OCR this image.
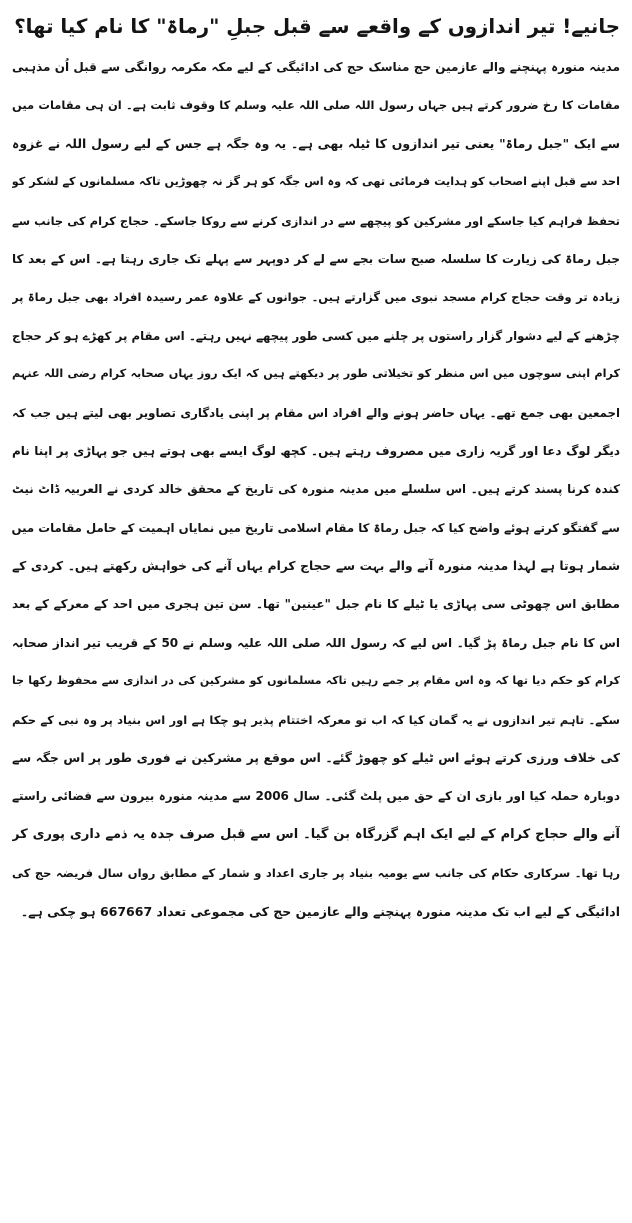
جانیے! تیر اندازوں کے واقعے سے قبل جبلِ "رماۃ" کا نام کیا تھا؟

مدینہ منورہ پہنچنے والے عازمین حج مناسک حج کی ادائیگی کے لیے مکہ مکرمہ روانگی سے قبل اُن مذہبی

مقامات کا رخ ضرور کرتے ہیں جہاں رسول اللہ صلی اللہ علیہ وسلم کا وقوف ثابت ہے۔ ان ہی مقامات میں

سے ایک "جبل رماۃ" یعنی تیر اندازوں کا ٹیلہ بھی ہے۔ یہ وہ جگہ ہے جس کے لیے رسول اللہ نے غزوہ

احد سے قبل اپنے اصحاب کو ہدایت فرمائی تھی کہ وہ اس جگہ کو ہر گز نہ چھوڑیں تاکہ مسلمانوں کے لشکر کو

تحفظ فراہم کیا جاسکے اور مشرکین کو پیچھے سے در اندازی کرنے سے روکا جاسکے۔ حجاج کرام کی جانب سے

جبل رماۃ کی زیارت کا سلسلہ صبح سات بجے سے لے کر دوپہر سے پہلے تک جاری رہتا ہے۔ اس کے بعد کا

زیادہ تر وقت حجاج کرام مسجد نبوی میں گزارتے ہیں۔ جوانوں کے علاوہ عمر رسیدہ افراد بھی جبل رماۃ پر

چڑھنے کے لیے دشوار گزار راستوں پر چلنے میں کسی طور پیچھے نہیں رہتے۔ اس مقام پر کھڑے ہو کر حجاج

کرام اپنی سوچوں میں اس منظر کو تخیلاتی طور پر دیکھتے ہیں کہ ایک روز یہاں صحابہ کرام رضی اللہ عنہم

اجمعین بھی جمع تھے۔ یہاں حاضر ہونے والے افراد اس مقام پر اپنی یادگاری تصاویر بھی لیتے ہیں جب کہ

دیگر لوگ دعا اور گریہ زاری میں مصروف رہتے ہیں۔ کچھ لوگ ایسے بھی ہوتے ہیں جو پہاڑی پر اپنا نام

کندہ کرنا پسند کرتے ہیں۔ اس سلسلے میں مدینہ منورہ کی تاریخ کے محقق خالد کردی نے العربیہ ڈاٹ نیٹ

سے گفتگو کرتے ہوئے واضح کیا کہ جبل رماۃ کا مقام اسلامی تاریخ میں نمایاں اہمیت کے حامل مقامات میں

شمار ہوتا ہے لہذا مدینہ منورہ آنے والے بہت سے حجاج کرام یہاں آنے کی خواہش رکھتے ہیں۔ کردی کے

مطابق اس چھوٹی سی پہاڑی یا ٹیلے کا نام جبل "عینین" تھا۔ سن تین ہجری میں احد کے معرکے کے بعد

اس کا نام جبل رماۃ پڑ گیا۔ اس لیے کہ رسول اللہ صلی اللہ علیہ وسلم نے 50 کے قریب تیر انداز صحابہ

کرام کو حکم دیا تھا کہ وہ اس مقام پر جمے رہیں تاکہ مسلمانوں کو مشرکین کی در اندازی سے محفوظ رکھا جا

سکے۔ تاہم تیر اندازوں نے یہ گمان کیا کہ اب تو معرکہ اختتام پذیر ہو چکا ہے اور اس بنیاد پر وہ نبی کے حکم

کی خلاف ورزی کرتے ہوئے اس ٹیلے کو چھوڑ گئے۔ اس موقع پر مشرکین نے فوری طور پر اس جگہ سے

دوبارہ حملہ کیا اور بازی ان کے حق میں پلٹ گئی۔ سال 2006 سے مدینہ منورہ بیرون سے فضائی راستے

آنے والے حجاج کرام کے لیے ایک اہم گزرگاہ بن گیا۔ اس سے قبل صرف جدہ یہ ذمے داری پوری کر

رہا تھا۔ سرکاری حکام کی جانب سے یومیہ بنیاد پر جاری اعداد و شمار کے مطابق رواں سال فریضہ حج کی

ادائیگی کے لیے اب تک مدینہ منورہ پہنچنے والے عازمین حج کی مجموعی تعداد 667667 ہو چکی ہے۔
